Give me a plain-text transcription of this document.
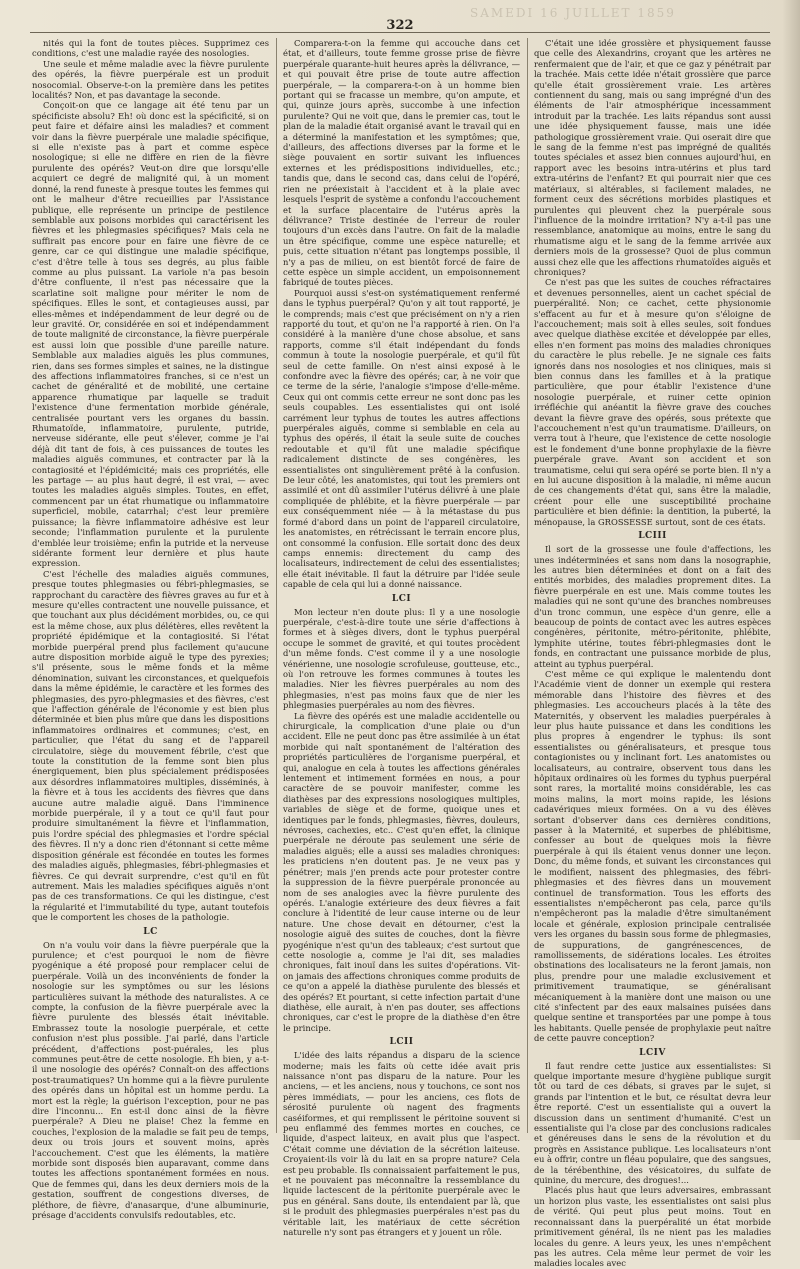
SAMEDI 16 JUILLET 1859
322

nités qui la font de toutes pièces. Supprimez ces conditions, c'est une maladie rayée des nosologies.

Une seule et même maladie avec la fièvre purulente des opérés, la fièvre puerpérale est un produit nosocomial. Observe-t-on la première dans les petites localités? Non, et pas davantage la seconde.

Conçoit-on que ce langage ait été tenu par un spécificiste absolu? Eh! où donc est la spécificité, si on peut faire et défaire ainsi les maladies? et comment voir dans la fièvre puerpérale une maladie spécifique, si elle n'existe pas à part et comme espèce nosologique; si elle ne diffère en rien de la fièvre purulente des opérés? Veut-on dire que lorsqu'elle acquiert ce degré de malignité qui, à un moment donné, la rend funeste à presque toutes les femmes qui ont le malheur d'être recueillies par l'Assistance publique, elle représente un principe de pestilence semblable aux poisons morbides qui caractérisent les fièvres et les phlegmasies spécifiques? Mais cela ne suffirait pas encore pour en faire une fièvre de ce genre, car ce qui distingue une maladie spécifique, c'est d'être telle à tous ses degrés, au plus faible comme au plus puissant. La variole n'a pas besoin d'être confluente, il n'est pas nécessaire que la scarlatine soit maligne pour mériter le nom de spécifiques. Elles le sont, et contagieuses aussi, par elles-mêmes et indépendamment de leur degré ou de leur gravité. Or, considérée en soi et indépendamment de toute malignité de circonstance, la fièvre puerpérale est aussi loin que possible d'une pareille nature. Semblable aux maladies aiguës les plus communes, rien, dans ses formes simples et saines, ne la distingue des affections inflammatoires franches, si ce n'est un cachet de généralité et de mobilité, une certaine apparence rhumatique par laquelle se traduit l'existence d'une fermentation morbide générale, centralisée pourtant vers les organes du bassin. Rhumatoïde, inflammatoire, purulente, putride, nerveuse sidérante, elle peut s'élever, comme je l'ai déjà dit tant de fois, à ces puissances de toutes les maladies aiguës communes, et contracter par là la contagiosité et l'épidémicité; mais ces propriétés, elle les partage — au plus haut degré, il est vrai, — avec toutes les maladies aiguës simples. Toutes, en effet, commencent par un état rhumatique ou inflammatoire superficiel, mobile, catarrhal; c'est leur première puissance; la fièvre inflammatoire adhésive est leur seconde; l'inflammation purulente et la purulente d'emblée leur troisième; enfin la putride et la nerveuse sidérante forment leur dernière et plus haute expression.

C'est l'échelle des maladies aiguës communes, presque toutes phlegmasies ou fébri-phlegmasies, se rapprochant du caractère des fièvres graves au fur et à mesure qu'elles contractent une nouvelle puissance, et que touchant aux plus décidément morbides, ou, ce qui est la même chose, aux plus délétères, elles revêtent la propriété épidémique et la contagiosité. Si l'état morbide puerpéral prend plus facilement qu'aucune autre disposition morbide aiguë le type des pyrexies; s'il présente, sous le même fonds et la même dénomination, suivant les circonstances, et quelquefois dans la même épidémie, le caractère et les formes des phlegmasies, des pyro-phlegmasies et des fièvres, c'est que l'affection générale de l'économie y est bien plus déterminée et bien plus mûre que dans les dispositions inflammatoires ordinaires et communes; c'est, en particulier, que l'état du sang et de l'appareil circulatoire, siège du mouvement fébrile, c'est que toute la constitution de la femme sont bien plus énergiquement, bien plus spécialement prédisposées aux désordres inflammatoires multiples, disséminés, à la fièvre et à tous les accidents des fièvres que dans aucune autre maladie aiguë. Dans l'imminence morbide puerpérale, il y a tout ce qu'il faut pour produire simultanément la fièvre et l'inflammation, puis l'ordre spécial des phlegmasies et l'ordre spécial des fièvres. Il n'y a donc rien d'étonnant si cette même disposition générale est fécondée en toutes les formes des maladies aiguës, phlegmasies, fébri-phlegmasies et fièvres. Ce qui devrait surprendre, c'est qu'il en fût autrement. Mais les maladies spécifiques aiguës n'ont pas de ces transformations. Ce qui les distingue, c'est la régularité et l'immutabilité du type, autant toutefois que le comportent les choses de la pathologie.

LC

On n'a voulu voir dans la fièvre puerpérale que la purulence; et c'est pourquoi le nom de fièvre pyogénique a été proposé pour remplacer celui de puerpérale. Voilà un des inconvénients de fonder la nosologie sur les symptômes ou sur les lésions particulières suivant la méthode des naturalistes. A ce compte, la confusion de la fièvre puerpérale avec la fièvre purulente des blessés était inévitable. Embrassez toute la nosologie puerpérale, et cette confusion n'est plus possible. J'ai parlé, dans l'article précédent, d'affections post-puérales, les plus communes peut-être de cette nosologie. Eh bien, y a-t-il une nosologie des opérés? Connaît-on des affections post-traumatiques? Un homme qui a la fièvre purulente des opérés dans un hôpital est un homme perdu. La mort est la règle; la guérison l'exception, pour ne pas dire l'inconnu... En est-il donc ainsi de la fièvre puerpérale? A Dieu ne plaise! Chez la femme en couches, l'explosion de la maladie se fait peu de temps, deux ou trois jours et souvent moins, après l'accouchement. C'est que les éléments, la matière morbide sont disposés bien auparavant, comme dans toutes les affections spontanément formées en nous. Que de femmes qui, dans les deux derniers mois de la gestation, souffrent de congestions diverses, de pléthore, de fièvre, d'anasarque, d'une albuminurie, présage d'accidents convulsifs redoutables, etc.

Comparera-t-on la femme qui accouche dans cet état, et d'ailleurs, toute femme grosse prise de fièvre puerpérale quarante-huit heures après la délivrance, — et qui pouvait être prise de toute autre affection puerpérale, — la comparera-t-on à un homme bien portant qui se fracasse un membre, qu'on ampute, et qui, quinze jours après, succombe à une infection purulente? Qui ne voit que, dans le premier cas, tout le plan de la maladie était organisé avant le travail qui en a déterminé la manifestation et les symptômes; que, d'ailleurs, des affections diverses par la forme et le siège pouvaient en sortir suivant les influences externes et les prédispositions individuelles, etc.; tandis que, dans le second cas, dans celui de l'opéré, rien ne préexistait à l'accident et à la plaie avec lesquels l'esprit de système a confondu l'accouchement et la surface placentaire de l'utérus après la délivrance? Triste destinée de l'erreur de rouler toujours d'un excès dans l'autre. On fait de la maladie un être spécifique, comme une espèce naturelle; et puis, cette situation n'étant pas longtemps possible, il n'y a pas de milieu, on est bientôt forcé de faire de cette espèce un simple accident, un empoisonnement fabriqué de toutes pièces.

Pourquoi aussi s'est-on systématiquement renfermé dans le typhus puerpéral? Qu'on y ait tout rapporté, je le comprends; mais c'est que précisément on n'y a rien rapporté du tout, et qu'on ne l'a rapporté à rien. On l'a considéré à la manière d'une chose absolue, et sans rapports, comme s'il était indépendant du fonds commun à toute la nosologie puerpérale, et qu'il fût seul de cette famille. On n'est ainsi exposé à le confondre avec la fièvre des opérés; car, à ne voir que ce terme de la série, l'analogie s'impose d'elle-même. Ceux qui ont commis cette erreur ne sont donc pas les seuls coupables. Les essentialistes qui ont isolé carrément leur typhus de toutes les autres affections puerpérales aiguës, comme si semblable en cela au typhus des opérés, il était la seule suite de couches redoutable et qu'il fût une maladie spécifique radicalement distincte de ses congénères, les essentialistes ont singulièrement prêté à la confusion. De leur côté, les anatomistes, qui tout les premiers ont assimilé et ont dû assimiler l'utérus délivré à une plaie compliquée de phlébite, et la fièvre puerpérale — par eux conséquemment niée — à la métastase du pus formé d'abord dans un point de l'appareil circulatoire, les anatomistes, en rétrécissant le terrain encore plus, ont consommé la confusion. Elle sortait donc des deux camps ennemis: directement du camp des localisateurs, indirectement de celui des essentialistes; elle était inévitable. Il faut la détruire par l'idée seule capable de cela qui lui a donné naissance.

LCI

Mon lecteur n'en doute plus: Il y a une nosologie puerpérale, c'est-à-dire toute une série d'affections à formes et à sièges divers, dont le typhus puerpéral occupe le sommet de gravité, et qui toutes procèdent d'un même fonds. C'est comme il y a une nosologie vénérienne, une nosologie scrofuleuse, goutteuse, etc., où l'on retrouve les formes communes à toutes les maladies. Nier les fièvres puerpérales au nom des phlegmasies, n'est pas moins faux que de nier les phlegmasies puerpérales au nom des fièvres.

La fièvre des opérés est une maladie accidentelle ou chirurgicale, la complication d'une plaie ou d'un accident. Elle ne peut donc pas être assimilée à un état morbide qui naît spontanément de l'altération des propriétés particulières de l'organisme puerpéral, et qui, analogue en cela à toutes les affections générales lentement et intimement formées en nous, a pour caractère de se pouvoir manifester, comme les diathèses par des expressions nosologiques multiples, variables de siège et de forme, quoique unes et identiques par le fonds, phlegmasies, fièvres, douleurs, névroses, cachexies, etc.. C'est qu'en effet, la clinique puerpérale ne déroute pas seulement une série de maladies aiguës; elle a aussi ses maladies chroniques: les praticiens n'en doutent pas. Je ne veux pas y pénétrer; mais j'en prends acte pour protester contre la suppression de la fièvre puerpérale prononcée au nom de ses analogies avec la fièvre purulente des opérés. L'analogie extérieure des deux fièvres a fait conclure à l'identité de leur cause interne ou de leur nature. Une chose devait en détourner, c'est la nosologie aiguë des suites de couches, dont la fièvre pyogénique n'est qu'un des tableaux; c'est surtout que cette nosologie a, comme je l'ai dit, ses maladies chroniques, fait inouï dans les suites d'opérations. Vit-on jamais des affections chroniques comme produits de ce qu'on a appelé la diathèse purulente des blessés et des opérés? Et pourtant, si cette infection partait d'une diathèse, elle aurait, à n'en pas douter, ses affections chroniques, car c'est le propre de la diathèse d'en être le principe.

LCII

L'idée des laits répandus a disparu de la science moderne; mais les faits où cette idée avait pris naissance n'ont pas disparu de la nature. Pour les anciens, — et les anciens, nous y touchons, ce sont nos pères immédiats, — pour les anciens, ces flots de sérosité purulente où nagent des fragments caséiformes, et qui remplissent le péritoine souvent si peu enflammé des femmes mortes en couches, ce liquide, d'aspect laiteux, en avait plus que l'aspect. C'était comme une déviation de la sécrétion laiteuse. Croyaient-ils voir là du lait en sa propre nature? Cela est peu probable. Ils connaissaient parfaitement le pus, et ne pouvaient pas méconnaître la ressemblance du liquide lactescent de la péritonite puerpérale avec le pus en général. Sans doute, ils entendaient par là, que si le produit des phlegmasies puerpérales n'est pas du véritable lait, les matériaux de cette sécrétion naturelle n'y sont pas étrangers et y jouent un rôle.

C'était une idée grossière et physiquement fausse que celle des Alexandrins, croyant que les artères ne renfermaient que de l'air, et que ce gaz y pénétrait par la trachée. Mais cette idée n'était grossière que parce qu'elle était grossièrement vraie. Les artères contiennent du sang, mais ou sang imprégné d'un des éléments de l'air atmosphérique incessamment introduit par la trachée. Les laits répandus sont aussi une idée physiquement fausse, mais une idée pathologique grossièrement vraie. Qui oserait dire que le sang de la femme n'est pas imprégné de qualités toutes spéciales et assez bien connues aujourd'hui, en rapport avec les besoins intra-utérins et plus tard extra-utérins de l'enfant? Et qui pourrait nier que ces matériaux, si altérables, si facilement malades, ne forment ceux des sécrétions morbides plastiques et purulentes qui pleuvent chez la puerpérale sous l'influence de la moindre irritation? N'y a-t-il pas une ressemblance, anatomique au moins, entre le sang du rhumatisme aigu et le sang de la femme arrivée aux derniers mois de la grossesse? Quoi de plus commun aussi chez elle que les affections rhumatoïdes aiguës et chroniques?

Ce n'est pas que les suites de couches réfractaires et devenues personnelles, aient un cachet spécial de puerpéralité. Non; ce cachet, cette physionomie s'effacent au fur et à mesure qu'on s'éloigne de l'accouchement; mais soit à elles seules, soit fondues avec quelque diathèse excitée et développée par elles, elles n'en forment pas moins des maladies chroniques du caractère le plus rebelle. Je ne signale ces faits ignorés dans nos nosologies et nos cliniques, mais si bien connus dans les familles et à la pratique particulière, que pour établir l'existence d'une nosologie puerpérale, et ruiner cette opinion irréfléchie qui anéantit la fièvre grave des couches devant la fièvre grave des opérés, sous prétexte que l'accouchement n'est qu'un traumatisme. D'ailleurs, on verra tout à l'heure, que l'existence de cette nosologie est le fondement d'une bonne prophylaxie de la fièvre puerpérale grave. Avant son accident et son traumatisme, celui qui sera opéré se porte bien. Il n'y a en lui aucune disposition à la maladie, ni même aucun de ces changements d'état qui, sans être la maladie, créent pour elle une susceptibilité prochaine particulière et bien définie: la dentition, la puberté, la ménopause, la GROSSESSE surtout, sont de ces états.

LCIII

Il sort de la grossesse une foule d'affections, les unes indéterminées et sans nom dans la nosographie, les autres bien déterminées et dont on a fait des entités morbides, des maladies proprement dites. La fièvre puerpérale en est une. Mais comme toutes les maladies qui ne sont qu'une des branches nombreuses d'un tronc commun, une espèce d'un genre, elle a beaucoup de points de contact avec les autres espèces congénères, péritonite, métro-péritonite, phlébite, lymphite utérine, toutes fébri-phlegmasies dont le fonds, en contractant une puissance morbide de plus, atteint au typhus puerpéral.

C'est même ce qui explique le malentendu dont l'Académie vient de donner un exemple qui restera mémorable dans l'histoire des fièvres et des phlegmasies. Les accoucheurs placés à la tête des Maternités, y observent les maladies puerpérales à leur plus haute puissance et dans les conditions les plus propres à engendrer le typhus: ils sont essentialistes ou généralisateurs, et presque tous contagionistes ou y inclinant fort. Les anatomistes ou localisateurs, au contraire, observent tous dans les hôpitaux ordinaires où les formes du typhus puerpéral sont rares, la mortalité moins considérable, les cas moins malins, la mort moins rapide, les lésions cadavériques mieux formées. On a vu des élèves sortant d'observer dans ces dernières conditions, passer à la Maternité, et superbes de phlébitisme, confesser au bout de quelques mois la fièvre puerpérale à qui ils étaient venus donner une leçon. Donc, du même fonds, et suivant les circonstances qui le modifient, naissent des phlegmasies, des fébri-phlegmasies et des fièvres dans un mouvement continuel de transformation. Tous les efforts des essentialistes n'empêcheront pas cela, parce qu'ils n'empêcheront pas la maladie d'être simultanément locale et générale, explosion principale centralisée vers les organes du bassin sous forme de phlegmasies, de suppurations, de gangrénescences, de ramollissements, de sidérations locales. Les étroites obstinations des localisateurs ne la feront jamais, non plus, prendre pour une maladie exclusivement et primitivement traumatique, se généralisant mécaniquement à la manière dont une maison ou une cité s'infectent par des eaux malsaines puisées dans quelque sentine et transportées par une pompe à tous les habitants. Quelle pensée de prophylaxie peut naître de cette pauvre conception?

LCIV

Il faut rendre cette justice aux essentialistes: Si quelque importante mesure d'hygiène publique surgit tôt ou tard de ces débats, si graves par le sujet, si grands par l'intention et le but, ce résultat devra leur être reporté. C'est un essentialiste qui a ouvert la discussion dans un sentiment d'humanité. C'est un essentialiste qui l'a close par des conclusions radicales et généreuses dans le sens de la révolution et du progrès en Assistance publique. Les localisateurs n'ont eu à offrir, contre un fléau populaire, que des sangsues, de la térébenthine, des vésicatoires, du sulfate de quinine, du mercure, des drogues!...

Placés plus haut que leurs adversaires, embrassant un horizon plus vaste, les essentialistes ont saisi plus de vérité. Qui peut plus peut moins. Tout en reconnaissant dans la puerpéralité un état morbide primitivement général, ils ne nient pas les maladies locales du genre. A leurs yeux, les unes n'empêchent pas les autres. Cela même leur permet de voir les maladies locales avec
